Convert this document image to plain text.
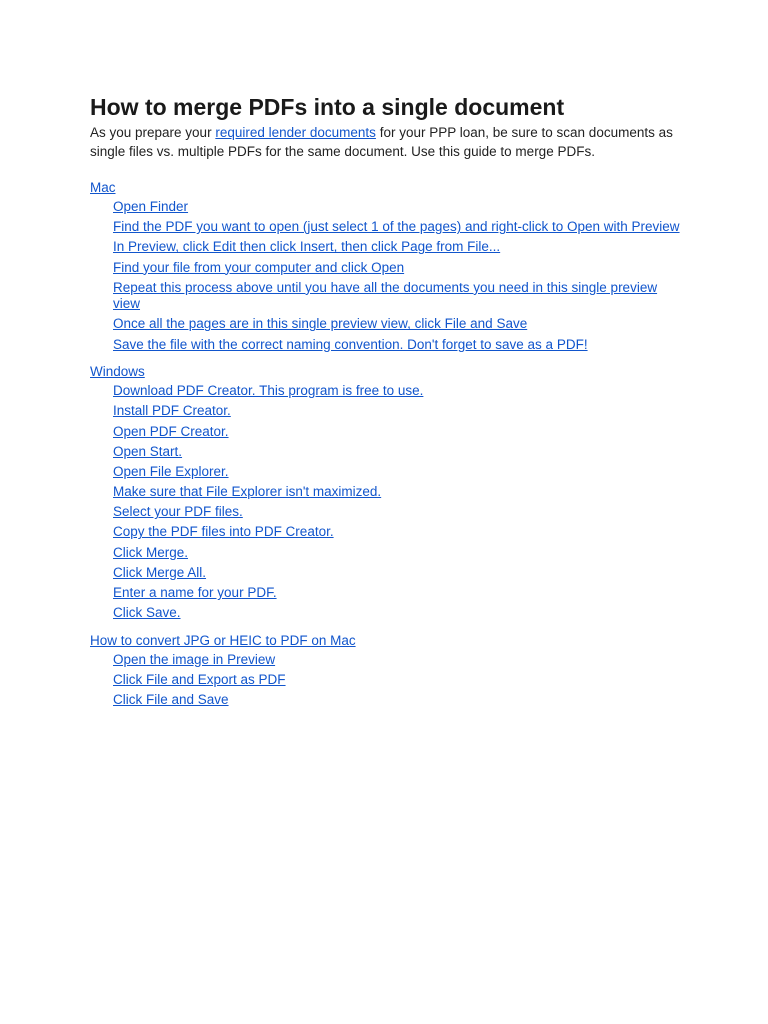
How to merge PDFs into a single document

As you prepare your required lender documents for your PPP loan, be sure to scan documents as single files vs. multiple PDFs for the same document. Use this guide to merge PDFs.

Mac
Open Finder
Find the PDF you want to open (just select 1 of the pages) and right-click to Open with Preview
In Preview, click Edit then click Insert, then click Page from File...
Find your file from your computer and click Open
Repeat this process above until you have all the documents you need in this single preview view
Once all the pages are in this single preview view, click File and Save
Save the file with the correct naming convention. Don't forget to save as a PDF!
Windows
Download PDF Creator. This program is free to use.
Install PDF Creator.
Open PDF Creator.
Open Start.
Open File Explorer.
Make sure that File Explorer isn't maximized.
Select your PDF files.
Copy the PDF files into PDF Creator.
Click Merge.
Click Merge All.
Enter a name for your PDF.
Click Save.
How to convert JPG or HEIC to PDF on Mac
Open the image in Preview
Click File and Export as PDF
Click File and Save
